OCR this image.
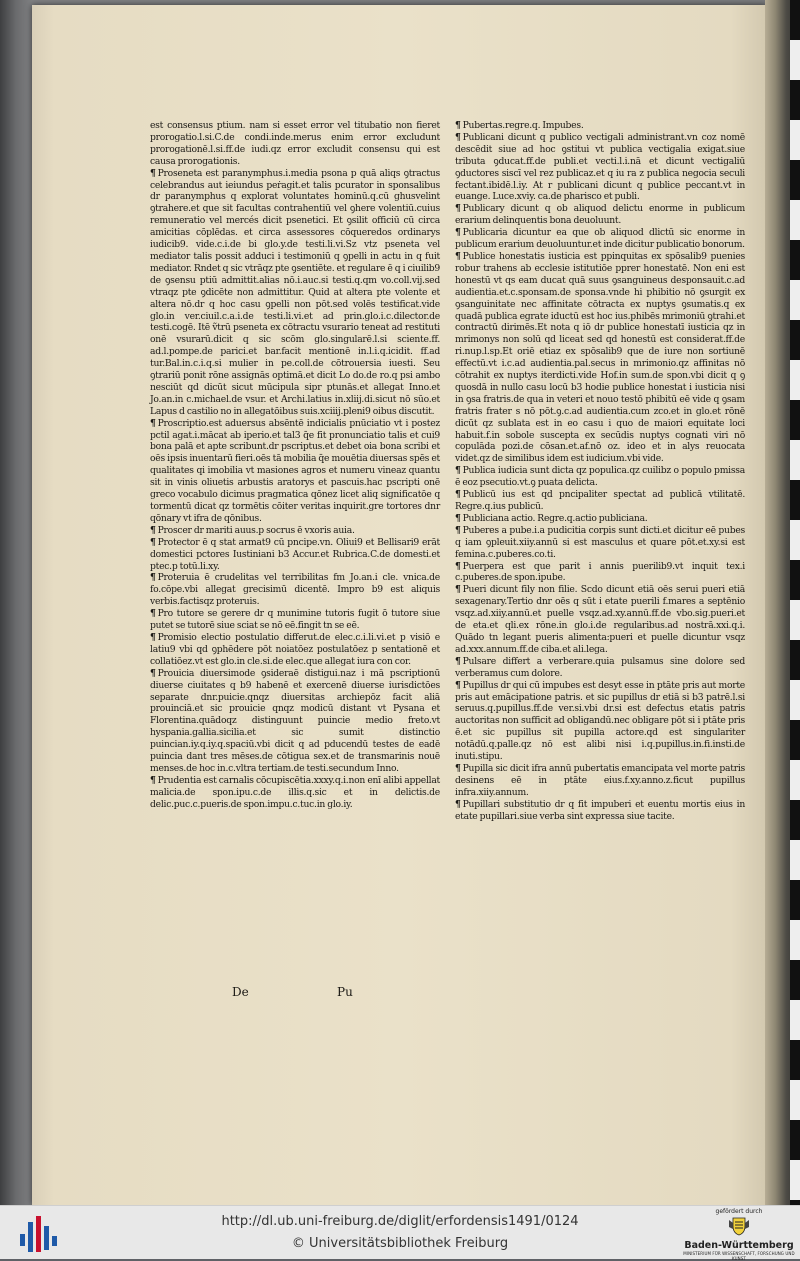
est consensus ptium. nam si esset error vel titubatio non fieret prorogatio.l.si.C.de condi.inde.merus enim error excludunt prorogationē.l.si.ff.de iudi.qz error excludit consensu qui est causa prorogationis.

¶ Proseneta est paranymphus.i.media psona p quā aliqs ꝯtractus celebrandus aut ieiundus peṙagit.et talis pcurator in sponsalibus dr paranymphus q explorat voluntates hominū.q.cū ghusvelint ꝯtrahere.et que sit facultas contrahentiū vel ꝯhere volentiū.cuius remuneratio vel mercés dicit psenetici. Et ꝯsilit officiū cū circa amicitias cōplēdas. et circa assessores cōqueredos ordinarys iudicib9. vide.c.i.de bi glo.y.de testi.li.vi.Sz vtz pseneta vel mediator talis possit adduci i testimoniū q ꝯpelli in actu in q fuit mediator. Rndet q sic vtrāqz pte ꝯsentiēte. et regulare ē q i ciuilib9 de ꝯsensu ptiū admittit.alias nō.i.auc.si testi.q.qm vo.coll.vij.sed vtraqz pte ꝯdicēte non admittitur. Quid at altera pte volente et altera nō.dr q hoc casu ꝯpelli non pōt.sed volēs testificat.vide glo.in ver.ciuil.c.a.i.de testi.li.vi.et ad prin.glo.i.c.dilector.de testi.cogē. Itē ṽtrū pseneta ex cōtractu vsurario teneat ad restituti onē vsurarū.dicit q sic scōm glo.singularē.l.si sciente.ff. ad.l.pompe.de parici.et bar.facit mentionē in.l.i.q.icidit. ff.ad tur.Bal.in.c.i.q.si mulier in pe.coll.de cōtrouersia iuesti. Seu ꝯtrariū ponit rōne assignās optimā.et dicit Lo do.de ro.q psi ambo nesciūt qd dicūt sicut mūcipula sipr ptunās.et allegat Inno.et Jo.an.in c.michael.de vsur. et Archi.latius in.xliij.di.sicut nō sūo.et Lapus d castilio no in allegatōibus suis.xciiij.pleni9 oibus discutit.

¶ Proscriptio.est aduersus absēntē indicialis pnūciatio vt i postez pctil agat.i.mācat ab iperio.et tal3 q̄e fit pronunciatio talis et cui9 bona palā et apte scribunt.dr pscriptus.et debet oia bona scribi et oēs ipsis inuentarū fieri.oēs tā mobilia q̄e mouētia diuersas spēs et qualitates qi imobilia vt masiones agros et numeru vineaz quantu sit in vinis oliuetis arbustis aratorys et pascuis.hac pscripti onē greco vocabulo dicimus pragmatica qōnez licet aliq significatōe q tormentū dicat qz tormētis cōiter veritas inquirit.gre tortores dnr qōnary vt ifra de qōnibus.

¶ Proscer dr mariti auus.p socrus ē vxoris auia.

¶ Protector ē q stat armat9 cū pncipe.vn. Oliui9 et Bellisari9 erāt domestici pctores Iustiniani b3 Accur.et Rubrica.C.de domesti.et ptec.p totū.li.xy.

¶ Proteruia ē crudelitas vel terribilitas fm Jo.an.i cle. vnica.de fo.cōpe.vbi allegat grecisimū dicentē. Impro b9 est aliquis verbis.factisqz proteruis.

¶ Pro tutore se gerere dr q munimine tutoris fugit ō tutore siue putet se tutorē siue sciat se nō eē.fingit tn se eē.

¶ Promisio electio postulatio differut.de elec.c.i.li.vi.et p visiō e latiu9 vbi qd ꝯphēdere pōt noiatōez postulatōez p sentationē et collatiōez.vt est glo.in cle.si.de elec.que allegat iura con cor.

¶ Prouicia diuersimode ꝯsideraē distigui.naz i mā pscriptionū diuerse ciuitates q b9 habenē et exercenē diuerse iurisdictōes separate dnr.puicie.qnqz diuersitas archiepōz facit aliā prouinciā.et sic prouicie qnqz modicū distant vt Pysana et Florentina.quādoqz distinguunt puincie medio freto.vt hyspania.gallia.sicilia.et sic sumit distinctio puincian.iy.q.iy.q.spaciū.vbi dicit q ad pducendū testes de eadē puincia dant tres mēses.de cōtigua sex.et de transmarinis nouē menses.de hoc in.c.vltra tertiam.de testi.secundum Inno.

¶ Prudentia est carnalis cōcupiscētia.xxxy.q.i.non enī alibi appellat malicia.de spon.ipu.c.de illis.q.sic et in delictis.de delic.puc.c.pueris.de spon.impu.c.tuc.in glo.iy.

¶ Pubertas.regre.q. Impubes.

¶ Publicani dicunt q publico vectigali administrant.vn coz nomē descēdit siue ad hoc ꝯstitui vt publica vectigalia exigat.siue tributa ꝯducat.ff.de publi.et vecti.l.i.nā et dicunt vectigaliū ꝯductores siscī vel rez publicaz.et q iu ra z publica negocia seculi fectant.ibidē.l.iy. At r publicani dicunt q publice peccant.vt in euange. Luce.xviy. ca.de pharisco et publi.

¶ Publicary dicunt q ob aliquod delictu enorme in publicum erarium delinquentis bona deuoluunt.

¶ Publicaria dicuntur ea que ob aliquod dlictū sic enorme in publicum erarium deuoluuntur.et inde dicitur publicatio bonorum.

¶ Publice honestatis iusticia est ppinquitas ex spōsalib9 puenies robur trahens ab ecclesie istitutiōe pprer honestatē. Non eni est honestū vt qs eam ducat quā suus ꝯsanguineus desponsauit.c.ad audientia.et.c.sponsam.de sponsa.vnde hi phibitio nō ꝯsurgit ex ꝯsanguinitate nec affinitate cōtracta ex nuptys ꝯsumatis.q ex quadā publica egrate iductū est hoc ius.phibēs mrimoniū ꝯtrahi.et contractū dirimēs.Et nota q iō dr publice honestatī iusticia qz in mrimonys non solū qd liceat sed qd honestū est considerat.ff.de ri.nup.l.sp.Et oriē etiaz ex spōsalib9 que de iure non sortiunē effectū.vt i.c.ad audientia.pal.secus in mrimonio.qz affinitas nō cōtrahit ex nuptys iterdicti.vide Hof.in sum.de spon.vbi dicit q ꝯ quosdā in nullo casu locū b3 hodie publice honestat i iusticia nisi in ꝯsa fratris.de qua in veteri et nouo testō phibitū eē vide q ꝯsam fratris frater s nō pōt.ꝯ.c.ad audientia.cum zco.et in glo.et rōnē dicūt qz sublata est in eo casu i quo de maiori equitate loci habuit.f.in sobole suscepta ex secūdis nuptys cognati viri nō copulāda pozi.de cōsan.et.af.nō oz. ideo et in alys reuocata videt.qz de similibus idem est iudicium.vbi vide.

¶ Publica iudicia sunt dicta qz populica.qz cuilibz o populo pmissa ē eoz psecutio.vt.ꝯ puata delicta.

¶ Publicū ius est qd pncipaliter spectat ad publicā vtilitatē. Regre.q.ius publicū.

¶ Publiciana actio. Regre.q.actio publiciana.

¶ Puberes a pube.i.a pudicitia corpis sunt dicti.et dicitur eē pubes q iam ꝯpleuit.xiiy.annū si est masculus et quare pōt.et.xy.si est femina.c.puberes.co.ti.

¶ Puerpera est que parit i annis puerilib9.vt inquit tex.i c.puberes.de spon.ipube.

¶ Pueri dicunt fily non filie. Scdo dicunt etiā oēs serui pueri etiā sexagenary.Tertio dnr oēs q sūt i etate puerili f.mares a septēnio vsqz.ad.xiiy.annū.et puelle vsqz.ad.xy.annū.ff.de vbo.sig.pueri.et de eta.et qli.ex rōne.in glo.i.de regularibus.ad nostrā.xxi.q.i. Quādo tn legant pueris alimenta:pueri et puelle dicuntur vsqz ad.xxx.annum.ff.de ciba.et ali.lega.

¶ Pulsare differt a verberare.quia pulsamus sine dolore sed verberamus cum dolore.

¶ Pupillus dr qui cū impubes est desyt esse in ptāte pris aut morte pris aut emācipatione patris. et sic pupillus dr etiā si b3 patrē.l.si seruus.q.pupillus.ff.de ver.si.vbi dr.si est defectus etatis patris auctoritas non sufficit ad obligandū.nec obligare pōt si i ptāte pris ē.et sic pupillus sit pupilla actore.qd est singulariter notādū.q.palle.qz nō est alibi nisi i.q.pupillus.in.fi.insti.de inuti.stipu.

¶ Pupilla sic dicit ifra annū pubertatis emancipata vel morte patris desinens eē in ptāte eius.f.xy.anno.z.ficut pupillus infra.xiiy.annum.

¶ Pupillari substitutio dr q fit impuberi et euentu mortis eius in etate pupillari.siue verba sint expressa siue tacite.

De	Pu
http://dl.ub.uni-freiburg.de/diglit/erfordensis1491/0124
© Universitätsbibliothek Freiburg
gefördert durch
Baden-Württemberg
MINISTERIUM FÜR WISSENSCHAFT, FORSCHUNG UND KUNST
